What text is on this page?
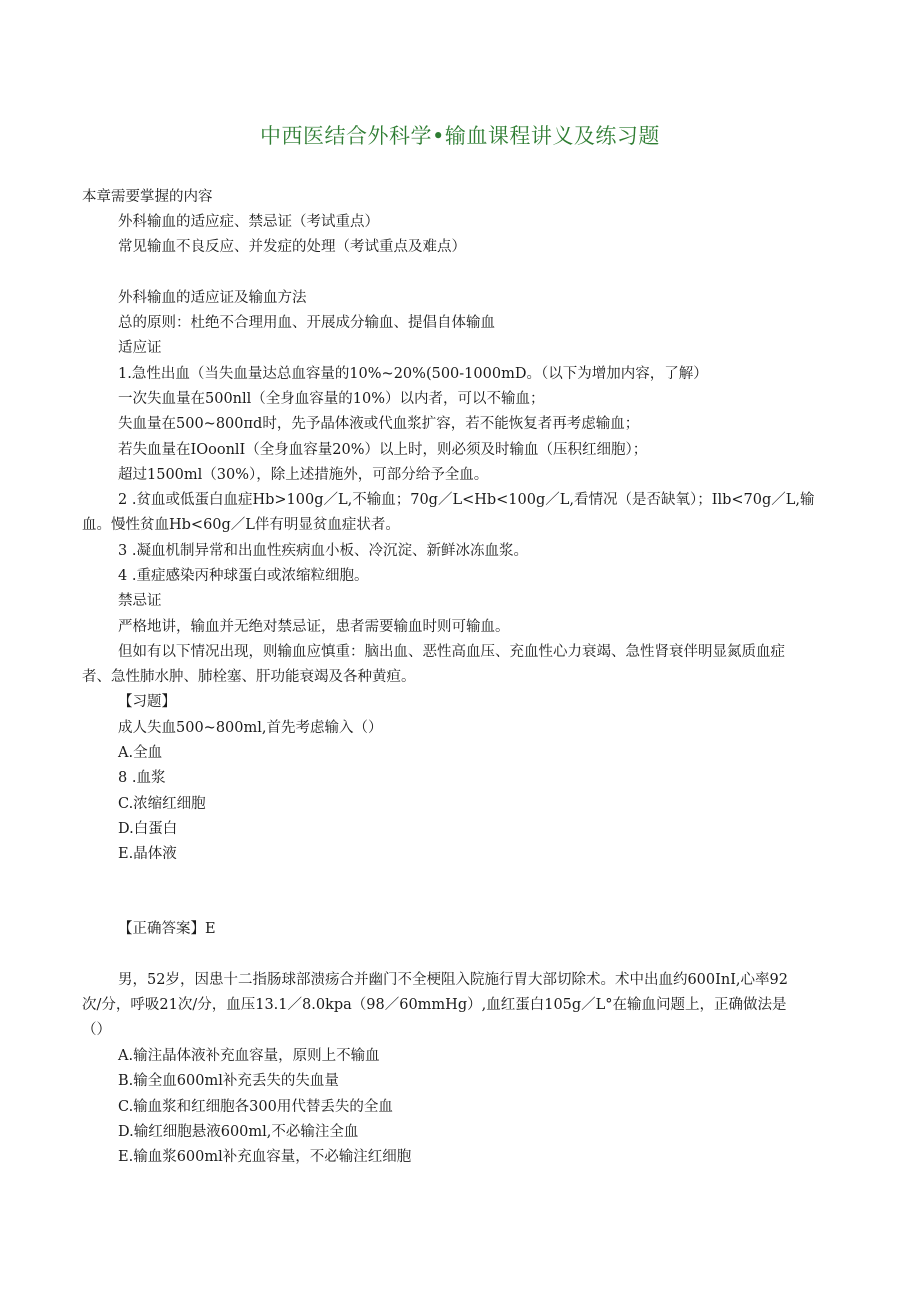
中西医结合外科学•输血课程讲义及练习题
本章需要掌握的内容
外科输血的适应症、禁忌证（考试重点）
常见输血不良反应、并发症的处理（考试重点及难点）
外科输血的适应证及输血方法
总的原则：杜绝不合理用血、开展成分输血、提倡自体输血
适应证
1.急性出血（当失血量达总血容量的10%~20%(500-1000mD。（以下为增加内容，了解）
一次失血量在500nll（全身血容量的10%）以内者，可以不输血；
失血量在500~800πd时，先予晶体液或代血浆扩容，若不能恢复者再考虑输血；
若失血量在IOoonlI（全身血容量20%）以上时，则必须及时输血（压积红细胞）；
超过1500ml（30%），除上述措施外，可部分给予全血。
2 .贫血或低蛋白血症Hb>100g／L,不输血；70g／L<Hb<100g／L,看情况（是否缺氧）；Ilb<70g／L,输
血。慢性贫血Hb<60g／L伴有明显贫血症状者。
3 .凝血机制异常和出血性疾病血小板、冷沉淀、新鲜冰冻血浆。
4 .重症感染丙种球蛋白或浓缩粒细胞。
禁忌证
严格地讲，输血并无绝对禁忌证，患者需要输血时则可输血。
但如有以下情况出现，则输血应慎重：脑出血、恶性高血压、充血性心力衰竭、急性肾衰伴明显氮质血症
者、急性肺水肿、肺栓塞、肝功能衰竭及各种黄疸。
【习题】
成人失血500~800ml,首先考虑输入（）
A.全血
8 .血浆
C.浓缩红细胞
D.白蛋白
E.晶体液
【正确答案】E
男，52岁，因患十二指肠球部溃疡合并幽门不全梗阻入院施行胃大部切除术。术中出血约600InI,心率92
次/分，呼吸21次/分，血压13.1／8.0kpa（98／60mmHg）,血红蛋白105g／L°在输血问题上，正确做法是
（）
A.输注晶体液补充血容量，原则上不输血
B.输全血600ml补充丢失的失血量
C.输血浆和红细胞各300用代替丢失的全血
D.输红细胞悬液600ml,不必输注全血
E.输血浆600ml补充血容量，不必输注红细胞
